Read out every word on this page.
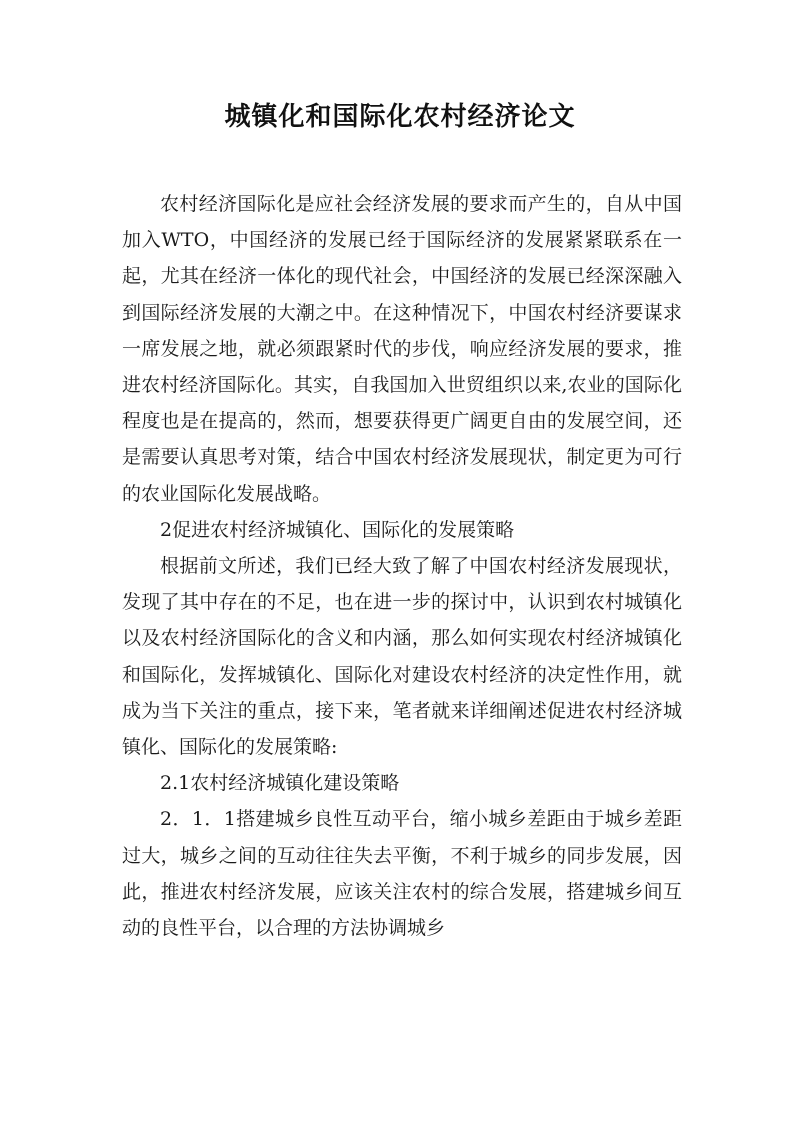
城镇化和国际化农村经济论文

农村经济国际化是应社会经济发展的要求而产生的，自从中国加入WTO，中国经济的发展已经于国际经济的发展紧紧联系在一起，尤其在经济一体化的现代社会，中国经济的发展已经深深融入到国际经济发展的大潮之中。在这种情况下，中国农村经济要谋求一席发展之地，就必须跟紧时代的步伐，响应经济发展的要求，推进农村经济国际化。其实，自我国加入世贸组织以来,农业的国际化程度也是在提高的，然而，想要获得更广阔更自由的发展空间，还是需要认真思考对策，结合中国农村经济发展现状，制定更为可行的农业国际化发展战略。

2促进农村经济城镇化、国际化的发展策略

根据前文所述，我们已经大致了解了中国农村经济发展现状，发现了其中存在的不足，也在进一步的探讨中，认识到农村城镇化以及农村经济国际化的含义和内涵，那么如何实现农村经济城镇化和国际化，发挥城镇化、国际化对建设农村经济的决定性作用，就成为当下关注的重点，接下来，笔者就来详细阐述促进农村经济城镇化、国际化的发展策略:

2.1农村经济城镇化建设策略

2．1．1搭建城乡良性互动平台，缩小城乡差距由于城乡差距过大，城乡之间的互动往往失去平衡，不利于城乡的同步发展，因此，推进农村经济发展，应该关注农村的综合发展，搭建城乡间互动的良性平台，以合理的方法协调城乡
